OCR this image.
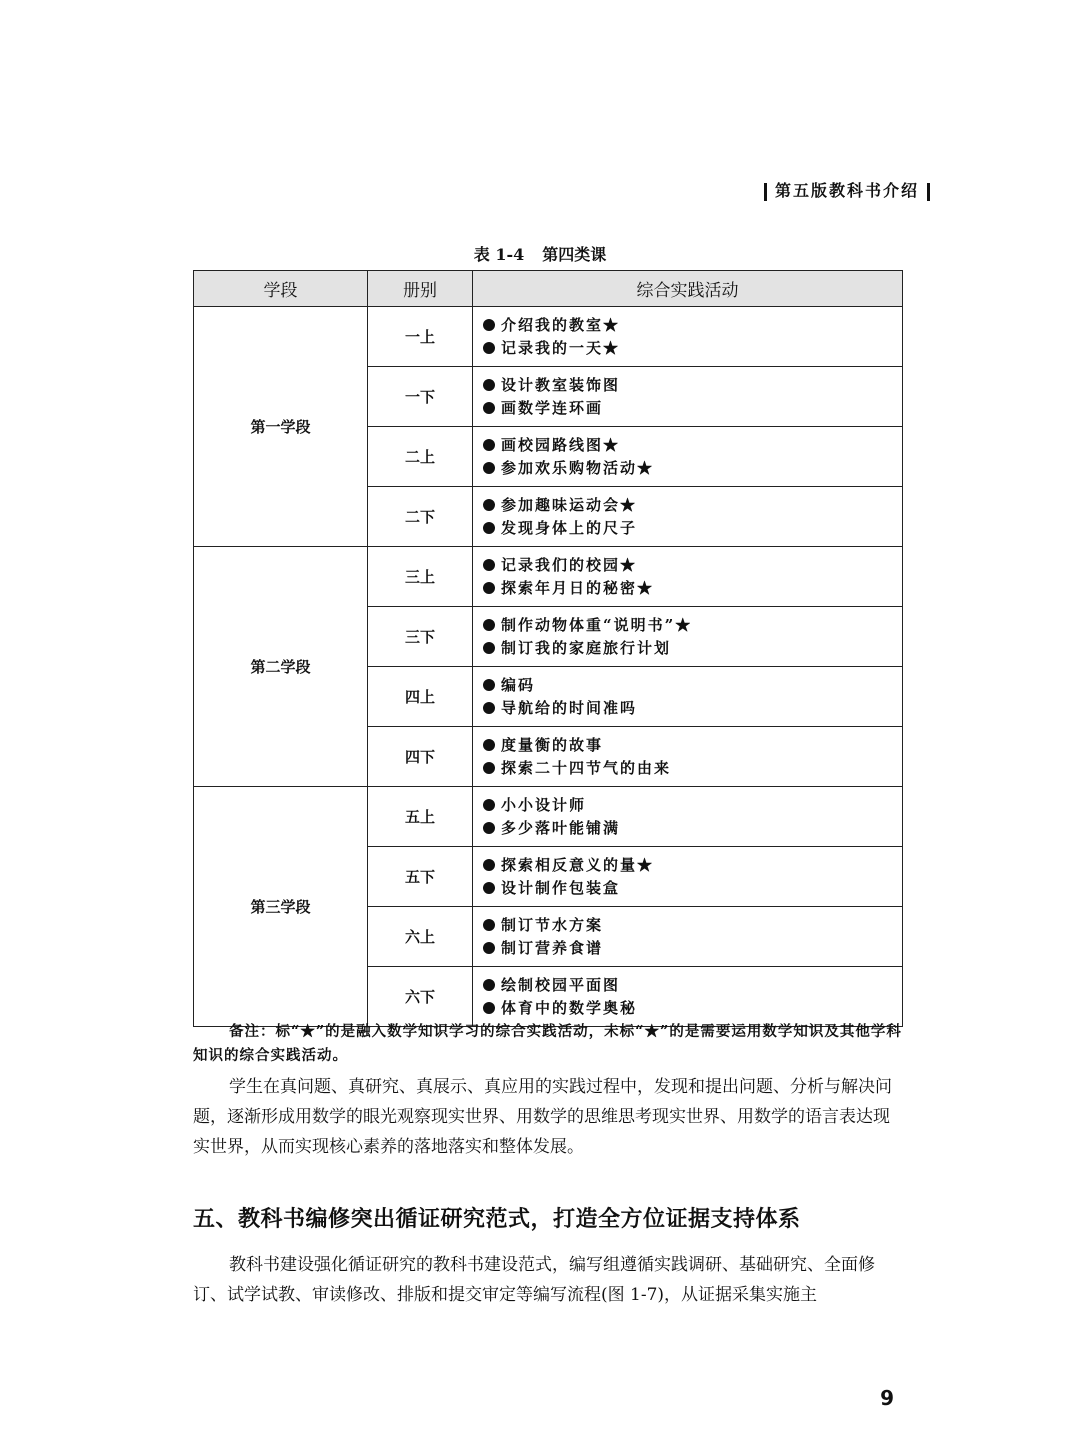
第五版教科书介绍
表 1-4 第四类课
学段	册别	综合实践活动
第一学段	一上	介绍我的教室★
记录我的一天★

	一下	设计教室装饰图
画数学连环画

	二上	画校园路线图★
参加欢乐购物活动★

	二下	参加趣味运动会★
发现身体上的尺子

第二学段	三上	记录我们的校园★
探索年月日的秘密★

	三下	制作动物体重“说明书”★
制订我的家庭旅行计划

	四上	编码
导航给的时间准吗

	四下	度量衡的故事
探索二十四节气的由来

第三学段	五上	小小设计师
多少落叶能铺满

	五下	探索相反意义的量★
设计制作包装盒

	六上	制订节水方案
制订营养食谱

	六下	绘制校园平面图
体育中的数学奥秘
备注：标“★”的是融入数学知识学习的综合实践活动，未标“★”的是需要运用数学知识及其他学科知识的综合实践活动。
学生在真问题、真研究、真展示、真应用的实践过程中，发现和提出问题、分析与解决问题，逐渐形成用数学的眼光观察现实世界、用数学的思维思考现实世界、用数学的语言表达现实世界，从而实现核心素养的落地落实和整体发展。
五、教科书编修突出循证研究范式，打造全方位证据支持体系
教科书建设强化循证研究的教科书建设范式，编写组遵循实践调研、基础研究、全面修订、试学试教、审读修改、排版和提交审定等编写流程(图 1-7)，从证据采集实施主
9
